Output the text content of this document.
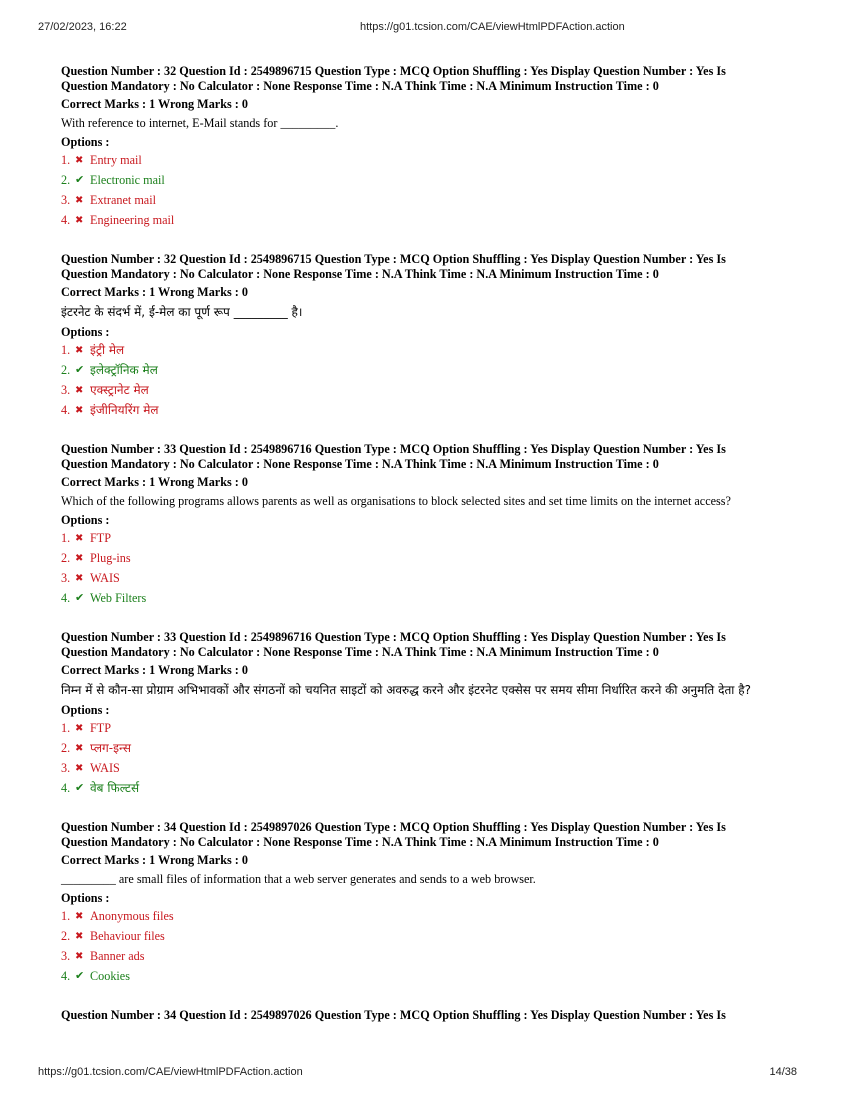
27/02/2023, 16:22	https://g01.tcsion.com/CAE/viewHtmlPDFAction.action
Question Number : 32 Question Id : 2549896715 Question Type : MCQ Option Shuffling : Yes Display Question Number : Yes Is
Question Mandatory : No Calculator : None Response Time : N.A Think Time : N.A Minimum Instruction Time : 0
Correct Marks : 1 Wrong Marks : 0
With reference to internet, E-Mail stands for _________.
Options :
1. ✖ Entry mail
2. ✔ Electronic mail
3. ✖ Extranet mail
4. ✖ Engineering mail
Question Number : 32 Question Id : 2549896715 Question Type : MCQ Option Shuffling : Yes Display Question Number : Yes Is
Question Mandatory : No Calculator : None Response Time : N.A Think Time : N.A Minimum Instruction Time : 0
Correct Marks : 1 Wrong Marks : 0
इंटरनेट के संदर्भ में, ई-मेल का पूर्ण रूप _________ है।
Options :
1. ✖ इंट्री मेल
2. ✔ इलेक्ट्रॉनिक मेल
3. ✖ एक्स्ट्रानेट मेल
4. ✖ इंजीनियरिंग मेल
Question Number : 33 Question Id : 2549896716 Question Type : MCQ Option Shuffling : Yes Display Question Number : Yes Is
Question Mandatory : No Calculator : None Response Time : N.A Think Time : N.A Minimum Instruction Time : 0
Correct Marks : 1 Wrong Marks : 0
Which of the following programs allows parents as well as organisations to block selected sites and set time limits on the internet access?
Options :
1. ✖ FTP
2. ✖ Plug-ins
3. ✖ WAIS
4. ✔ Web Filters
Question Number : 33 Question Id : 2549896716 Question Type : MCQ Option Shuffling : Yes Display Question Number : Yes Is
Question Mandatory : No Calculator : None Response Time : N.A Think Time : N.A Minimum Instruction Time : 0
Correct Marks : 1 Wrong Marks : 0
निम्न में से कौन-सा प्रोग्राम अभिभावकों और संगठनों को चयनित साइटों को अवरुद्ध करने और इंटरनेट एक्सेस पर समय सीमा निर्धारित करने की अनुमति देता है?
Options :
1. ✖ FTP
2. ✖ प्लग-इन्स
3. ✖ WAIS
4. ✔ वेब फिल्टर्स
Question Number : 34 Question Id : 2549897026 Question Type : MCQ Option Shuffling : Yes Display Question Number : Yes Is
Question Mandatory : No Calculator : None Response Time : N.A Think Time : N.A Minimum Instruction Time : 0
Correct Marks : 1 Wrong Marks : 0
_________ are small files of information that a web server generates and sends to a web browser.
Options :
1. ✖ Anonymous files
2. ✖ Behaviour files
3. ✖ Banner ads
4. ✔ Cookies
Question Number : 34 Question Id : 2549897026 Question Type : MCQ Option Shuffling : Yes Display Question Number : Yes Is
https://g01.tcsion.com/CAE/viewHtmlPDFAction.action	14/38
